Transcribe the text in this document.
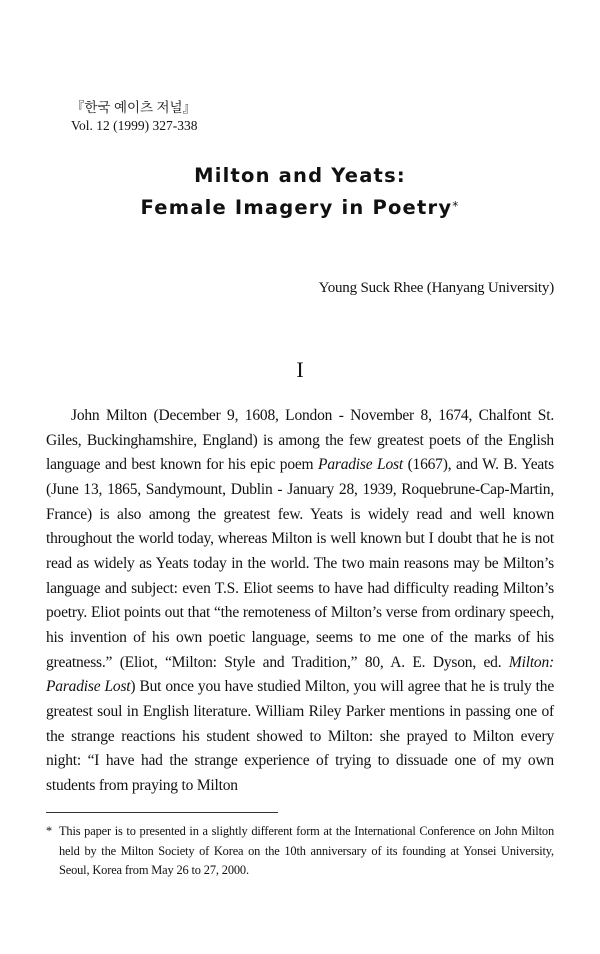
『한국 예이츠 저널』
Vol. 12 (1999) 327-338
Milton and Yeats:
Female Imagery in Poetry*
Young Suck Rhee (Hanyang University)
I

John Milton (December 9, 1608, London - November 8, 1674, Chalfont St. Giles, Buckinghamshire, England) is among the few greatest poets of the English language and best known for his epic poem Paradise Lost (1667), and W. B. Yeats (June 13, 1865, Sandymount, Dublin - January 28, 1939, Roquebrune-Cap-Martin, France) is also among the greatest few. Yeats is widely read and well known throughout the world today, whereas Milton is well known but I doubt that he is not read as widely as Yeats today in the world. The two main reasons may be Milton’s language and subject: even T.S. Eliot seems to have had difficulty reading Milton’s poetry. Eliot points out that “the remoteness of Milton’s verse from ordinary speech, his invention of his own poetic language, seems to me one of the marks of his greatness.” (Eliot, “Milton: Style and Tradition,” 80, A. E. Dyson, ed. Milton: Paradise Lost) But once you have studied Milton, you will agree that he is truly the greatest soul in English literature. William Riley Parker mentions in passing one of the strange reactions his student showed to Milton: she prayed to Milton every night: “I have had the strange experience of trying to dissuade one of my own students from praying to Milton

* This paper is to presented in a slightly different form at the International Conference on John Milton held by the Milton Society of Korea on the 10th anniversary of its founding at Yonsei University, Seoul, Korea from May 26 to 27, 2000.
